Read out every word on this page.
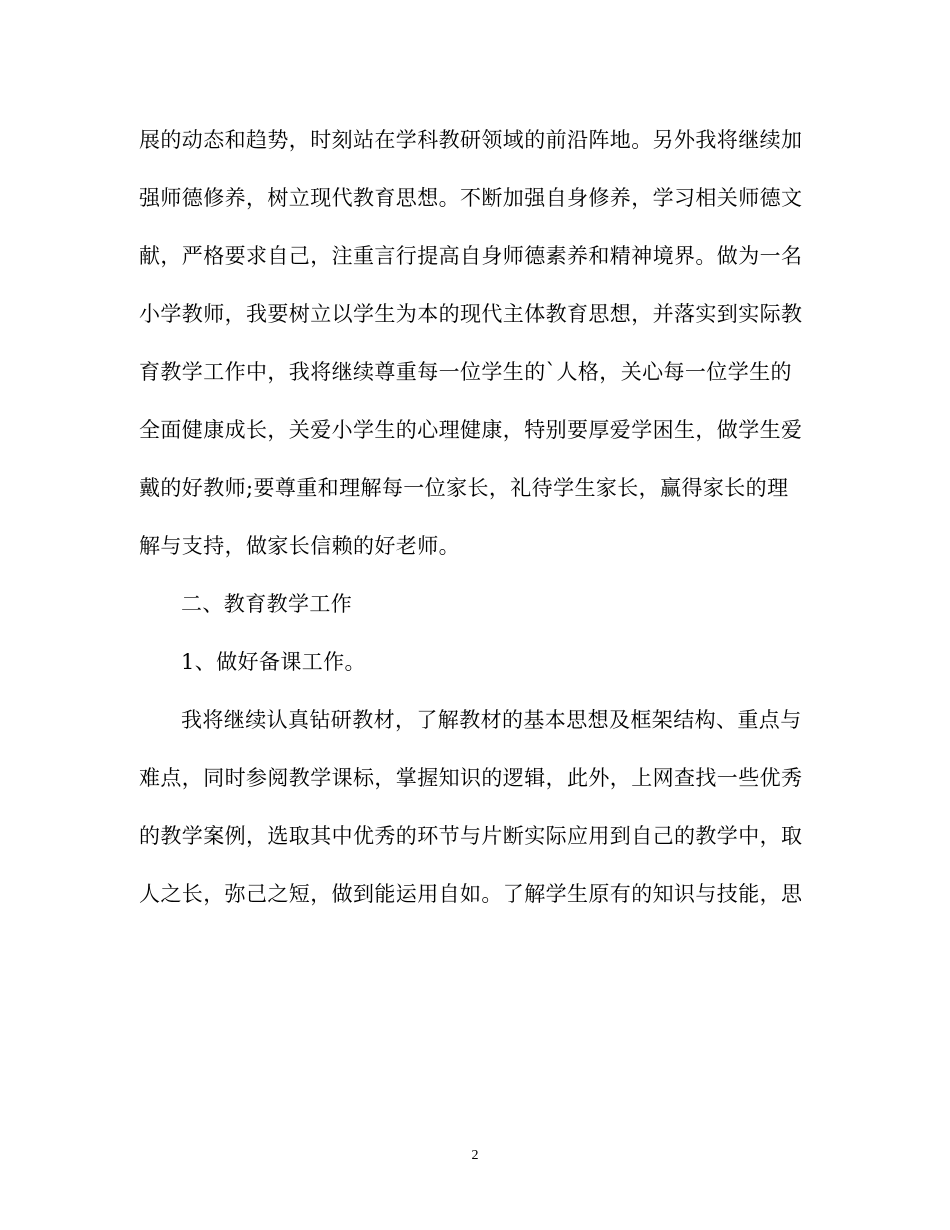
展的动态和趋势，时刻站在学科教研领域的前沿阵地。另外我将继续加
强师德修养，树立现代教育思想。不断加强自身修养，学习相关师德文
献，严格要求自己，注重言行提高自身师德素养和精神境界。做为一名
小学教师，我要树立以学生为本的现代主体教育思想，并落实到实际教
育教学工作中，我将继续尊重每一位学生的`人格，关心每一位学生的
全面健康成长，关爱小学生的心理健康，特别要厚爱学困生，做学生爱
戴的好教师;要尊重和理解每一位家长，礼待学生家长，赢得家长的理
解与支持，做家长信赖的好老师。
二、教育教学工作
1、做好备课工作。
我将继续认真钻研教材，了解教材的基本思想及框架结构、重点与
难点，同时参阅教学课标，掌握知识的逻辑，此外，上网查找一些优秀
的教学案例，选取其中优秀的环节与片断实际应用到自己的教学中，取
人之长，弥己之短，做到能运用自如。了解学生原有的知识与技能，思
2
